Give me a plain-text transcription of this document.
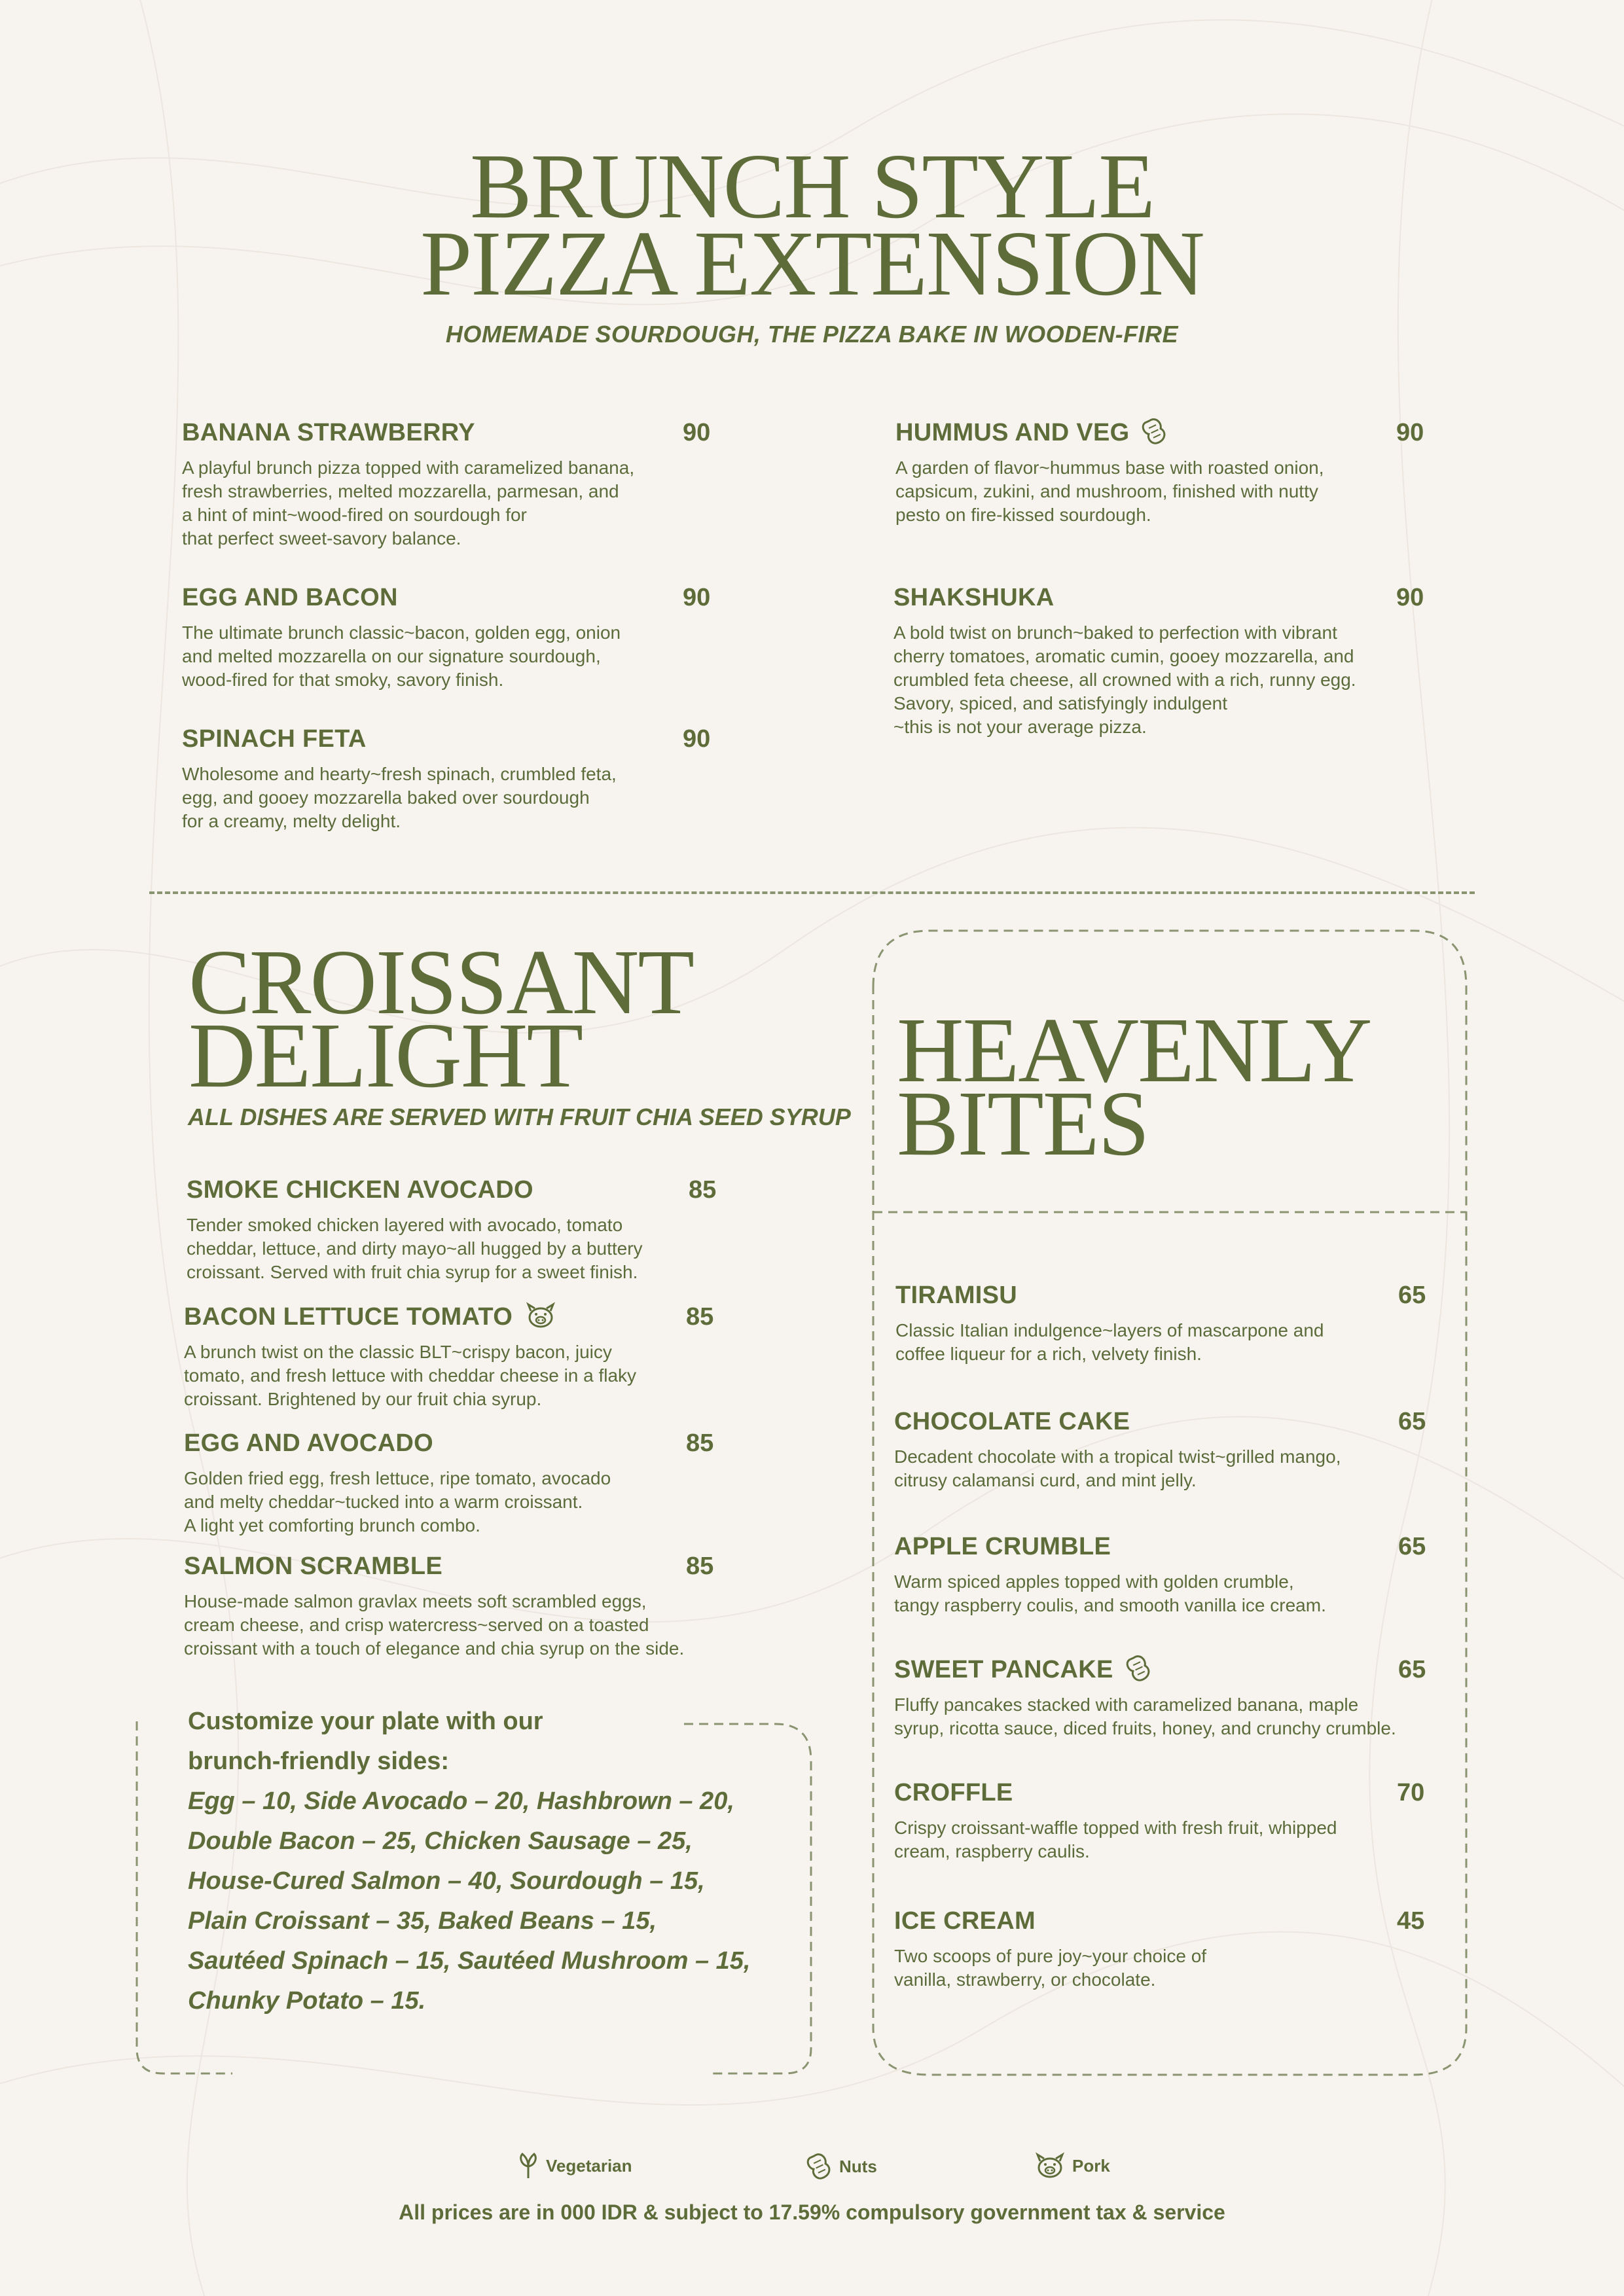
BRUNCH STYLE
PIZZA EXTENSION
HOMEMADE SOURDOUGH, THE PIZZA BAKE IN WOODEN-FIRE
BANANA STRAWBERRY	90
A playful brunch pizza topped with caramelized banana,
fresh strawberries, melted mozzarella, parmesan, and
a hint of mint~wood-fired on sourdough for
that perfect sweet-savory balance.
EGG AND BACON	90
The ultimate brunch classic~bacon, golden egg, onion
and melted mozzarella on our signature sourdough,
wood-fired for that smoky, savory finish.
SPINACH FETA	90
Wholesome and hearty~fresh spinach, crumbled feta,
egg, and gooey mozzarella baked over sourdough
for a creamy, melty delight.
HUMMUS AND VEG	90
A garden of flavor~hummus base with roasted onion,
capsicum, zukini, and mushroom, finished with nutty
pesto on fire-kissed sourdough.
SHAKSHUKA	90
A bold twist on brunch~baked to perfection with vibrant
cherry tomatoes, aromatic cumin, gooey mozzarella, and
crumbled feta cheese, all crowned with a rich, runny egg.
Savory, spiced, and satisfyingly indulgent
~this is not your average pizza.
CROISSANT
DELIGHT
ALL DISHES ARE SERVED WITH FRUIT CHIA SEED SYRUP
SMOKE CHICKEN AVOCADO	85
Tender smoked chicken layered with avocado, tomato
cheddar, lettuce, and dirty mayo~all hugged by a buttery
croissant. Served with fruit chia syrup for a sweet finish.
BACON LETTUCE TOMATO	85
A brunch twist on the classic BLT~crispy bacon, juicy
tomato, and fresh lettuce with cheddar cheese in a flaky
croissant. Brightened by our fruit chia syrup.
EGG AND AVOCADO	85
Golden fried egg, fresh lettuce, ripe tomato, avocado
and melty cheddar~tucked into a warm croissant.
A light yet comforting brunch combo.
SALMON SCRAMBLE	85
House-made salmon gravlax meets soft scrambled eggs,
cream cheese, and crisp watercress~served on a toasted
croissant with a touch of elegance and chia syrup on the side.
Customize your plate with our
brunch-friendly sides:
Egg – 10, Side Avocado – 20, Hashbrown – 20,
Double Bacon – 25, Chicken Sausage – 25,
House-Cured Salmon – 40, Sourdough – 15,
Plain Croissant – 35, Baked Beans – 15,
Sautéed Spinach – 15, Sautéed Mushroom – 15,
Chunky Potato – 15.
HEAVENLY
BITES
TIRAMISU	65
Classic Italian indulgence~layers of mascarpone and
coffee liqueur for a rich, velvety finish.
CHOCOLATE CAKE	65
Decadent chocolate with a tropical twist~grilled mango,
citrusy calamansi curd, and mint jelly.
APPLE CRUMBLE	65
Warm spiced apples topped with golden crumble,
tangy raspberry coulis, and smooth vanilla ice cream.
SWEET PANCAKE	65
Fluffy pancakes stacked with caramelized banana, maple
syrup, ricotta sauce, diced fruits, honey, and crunchy crumble.
CROFFLE	70
Crispy croissant-waffle topped with fresh fruit, whipped
cream, raspberry caulis.
ICE CREAM	45
Two scoops of pure joy~your choice of
vanilla, strawberry, or chocolate.
Vegetarian	Nuts	Pork
All prices are in 000 IDR & subject to 17.59% compulsory government tax & service
